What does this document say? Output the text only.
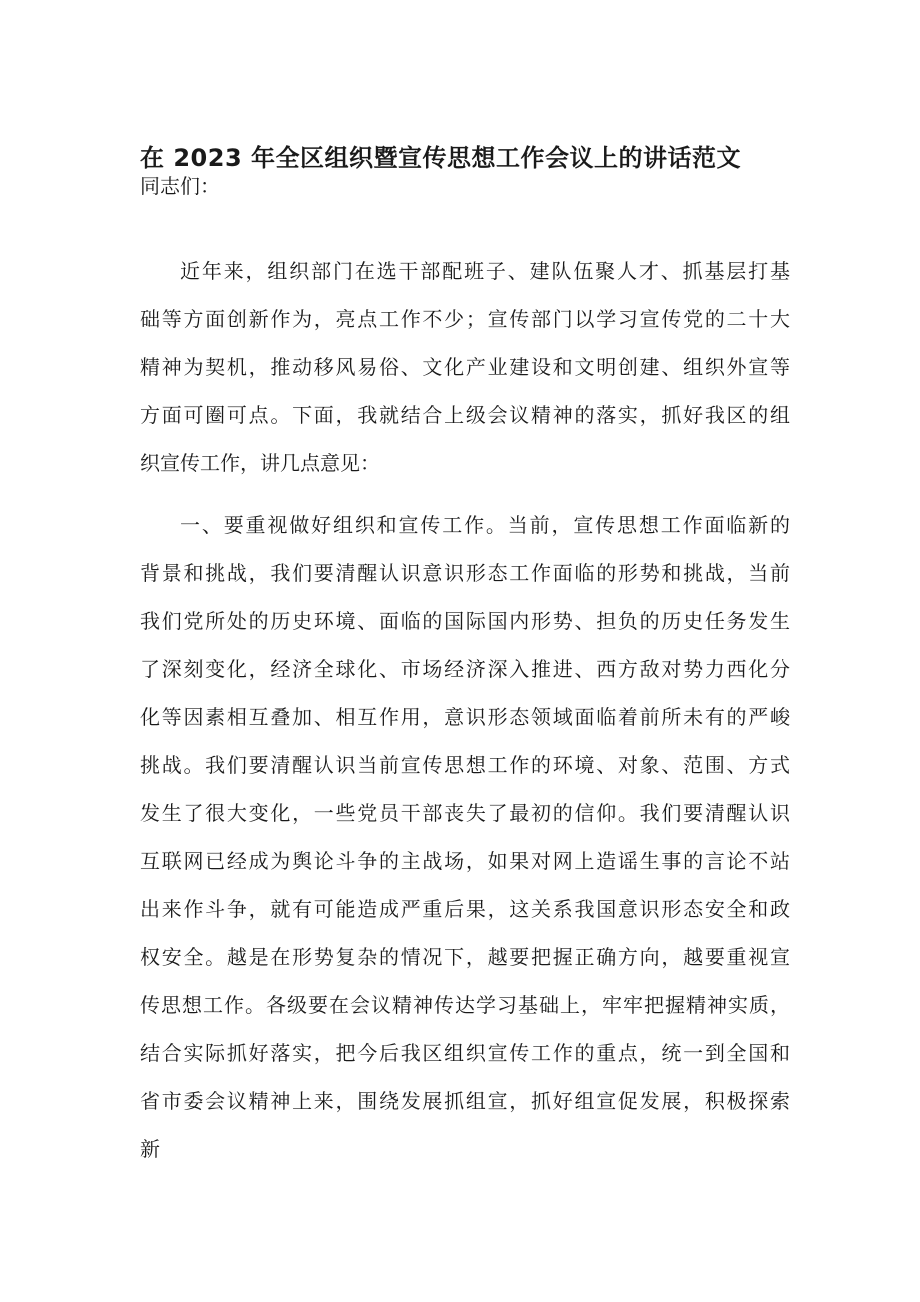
在 2023 年全区组织暨宣传思想工作会议上的讲话范文
同志们：
近年来，组织部门在选干部配班子、建队伍聚人才、抓基层打基
础等方面创新作为，亮点工作不少；宣传部门以学习宣传党的二十大
精神为契机，推动移风易俗、文化产业建设和文明创建、组织外宣等
方面可圈可点。下面，我就结合上级会议精神的落实，抓好我区的组
织宣传工作，讲几点意见：
一、要重视做好组织和宣传工作。当前，宣传思想工作面临新的
背景和挑战，我们要清醒认识意识形态工作面临的形势和挑战，当前
我们党所处的历史环境、面临的国际国内形势、担负的历史任务发生
了深刻变化，经济全球化、市场经济深入推进、西方敌对势力西化分
化等因素相互叠加、相互作用，意识形态领域面临着前所未有的严峻
挑战。我们要清醒认识当前宣传思想工作的环境、对象、范围、方式
发生了很大变化，一些党员干部丧失了最初的信仰。我们要清醒认识
互联网已经成为舆论斗争的主战场，如果对网上造谣生事的言论不站
出来作斗争，就有可能造成严重后果，这关系我国意识形态安全和政
权安全。越是在形势复杂的情况下，越要把握正确方向，越要重视宣
传思想工作。各级要在会议精神传达学习基础上，牢牢把握精神实质，
结合实际抓好落实，把今后我区组织宣传工作的重点，统一到全国和
省市委会议精神上来，围绕发展抓组宣，抓好组宣促发展，积极探索
新
